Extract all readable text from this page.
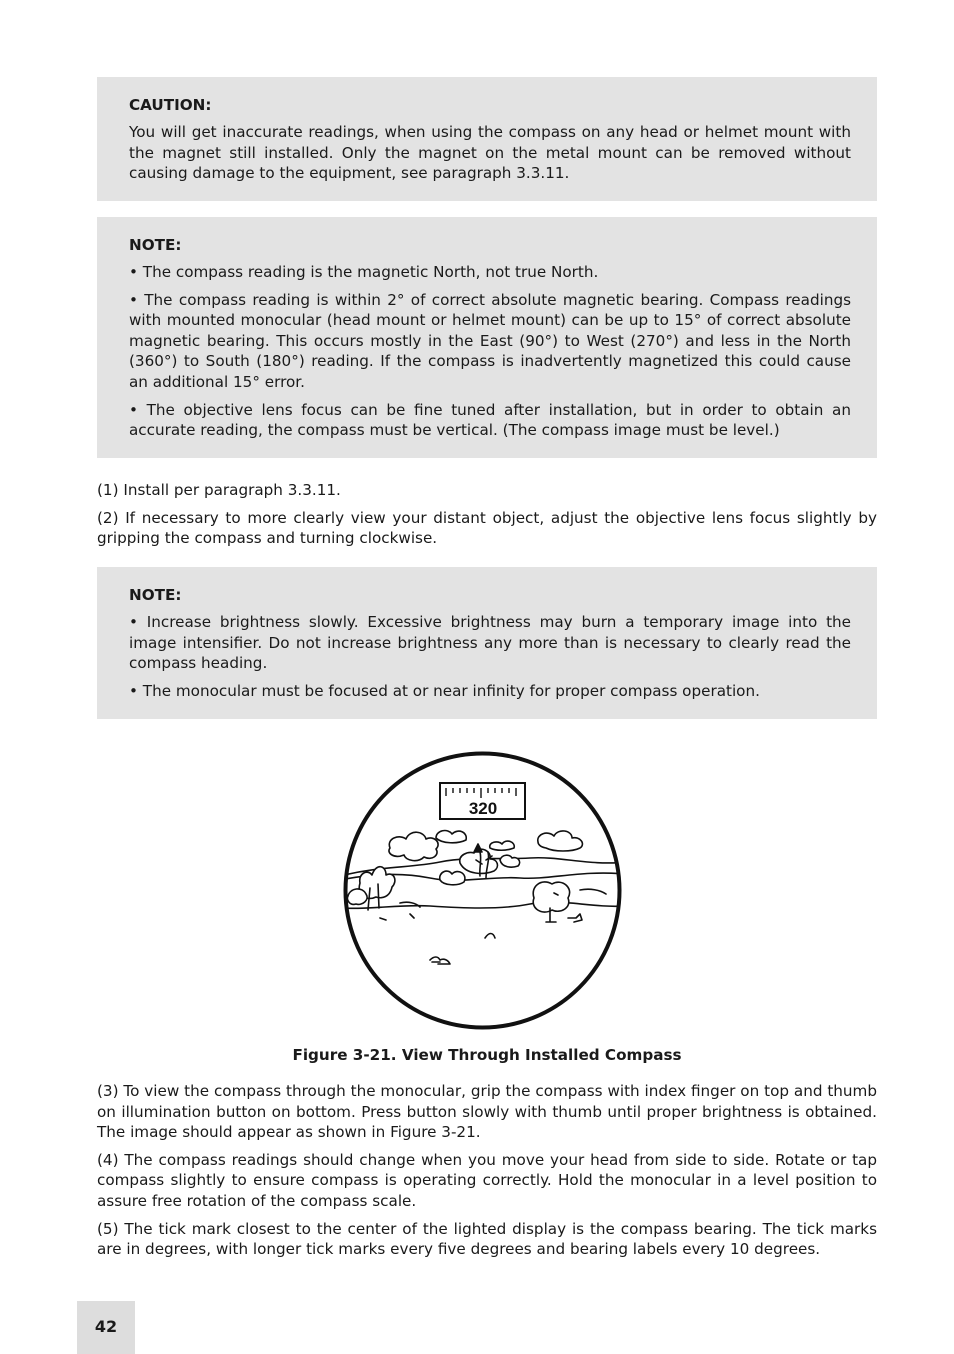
CAUTION:

You will get inaccurate readings, when using the compass on any head or helmet mount with the magnet still installed. Only the magnet on the metal mount can be removed without causing damage to the equipment, see paragraph 3.3.11.

NOTE:

• The compass reading is the magnetic North, not true North.

• The compass reading is within 2° of correct absolute magnetic bearing. Compass readings with mounted monocular (head mount or helmet mount) can be up to 15° of correct absolute magnetic bearing. This occurs mostly in the East (90°) to West (270°) and less in the North (360°) to South (180°) reading. If the compass is inadvertently magnetized this could cause an additional 15° error.

• The objective lens focus can be fine tuned after installation, but in order to obtain an accurate reading, the compass must be vertical. (The compass image must be level.)

(1) Install per paragraph 3.3.11.

(2) If necessary to more clearly view your distant object, adjust the objective lens focus slightly by gripping the compass and turning clockwise.

NOTE:

• Increase brightness slowly. Excessive brightness may burn a temporary image into the image intensifier. Do not increase brightness any more than is necessary to clearly read the compass heading.

• The monocular must be focused at or near infinity for proper compass operation.

320
Figure 3-21. View Through Installed Compass

(3) To view the compass through the monocular, grip the compass with index finger on top and thumb on illumination button on bottom. Press button slowly with thumb until proper brightness is obtained. The image should appear as shown in Figure 3-21.

(4) The compass readings should change when you move your head from side to side. Rotate or tap compass slightly to ensure compass is operating correctly. Hold the monocular in a level position to assure free rotation of the compass scale.

(5) The tick mark closest to the center of the lighted display is the compass bearing. The tick marks are in degrees, with longer tick marks every five degrees and bearing labels every 10 degrees.

42
